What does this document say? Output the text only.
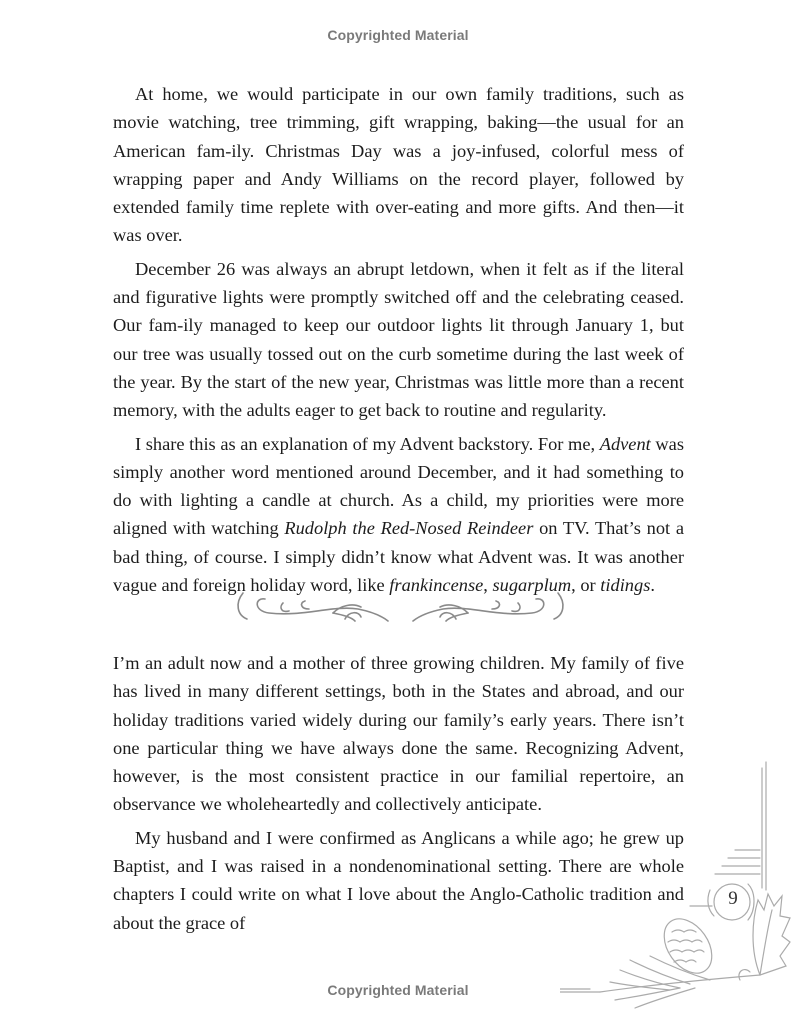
Copyrighted Material

At home, we would participate in our own family traditions, such as movie watching, tree trimming, gift wrapping, baking—the usual for an American fam-ily. Christmas Day was a joy-infused, colorful mess of wrapping paper and Andy Williams on the record player, followed by extended family time replete with over-eating and more gifts. And then—it was over.

December 26 was always an abrupt letdown, when it felt as if the literal and figurative lights were promptly switched off and the celebrating ceased. Our fam-ily managed to keep our outdoor lights lit through January 1, but our tree was usually tossed out on the curb sometime during the last week of the year. By the start of the new year, Christmas was little more than a recent memory, with the adults eager to get back to routine and regularity.

I share this as an explanation of my Advent backstory. For me, Advent was simply another word mentioned around December, and it had something to do with lighting a candle at church. As a child, my priorities were more aligned with watching Rudolph the Red-Nosed Reindeer on TV. That’s not a bad thing, of course. I simply didn’t know what Advent was. It was another vague and foreign holiday word, like frankincense, sugarplum, or tidings.

I’m an adult now and a mother of three growing children. My family of five has lived in many different settings, both in the States and abroad, and our holiday traditions varied widely during our family’s early years. There isn’t one particular thing we have always done the same. Recognizing Advent, however, is the most consistent practice in our familial repertoire, an observance we wholeheartedly and collectively anticipate.

My husband and I were confirmed as Anglicans a while ago; he grew up Baptist, and I was raised in a nondenominational setting. There are whole chapters I could write on what I love about the Anglo-Catholic tradition and about the grace of

9
Copyrighted Material
